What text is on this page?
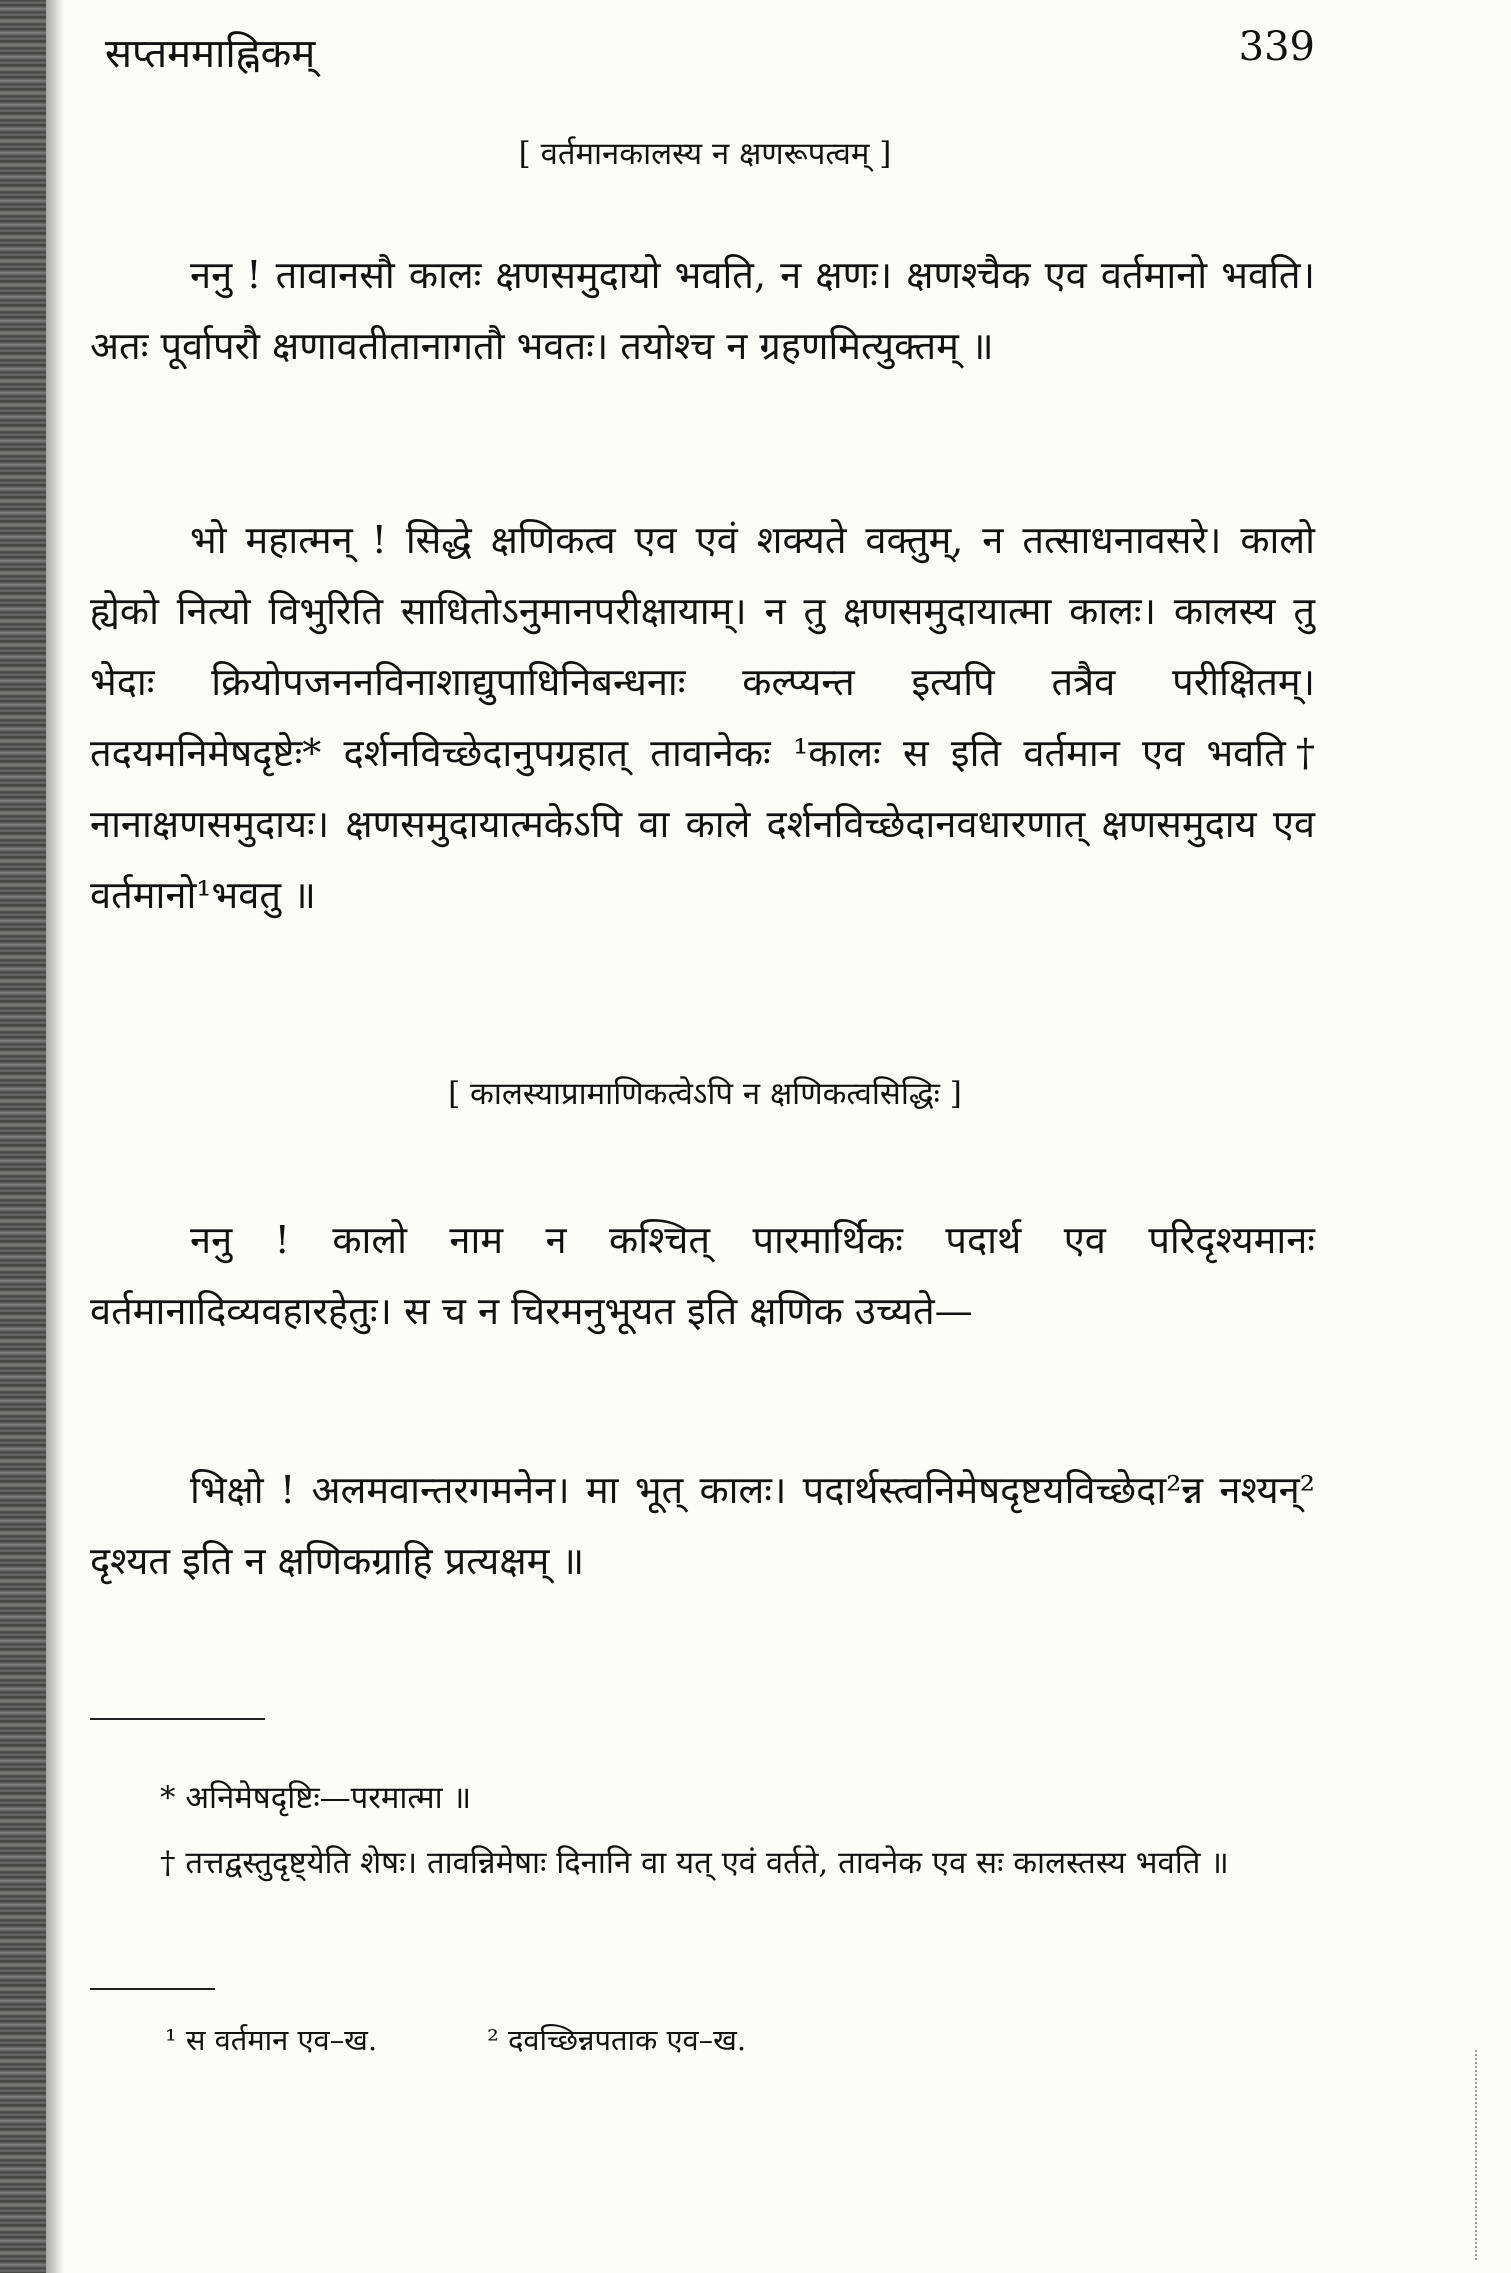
सप्तममाह्निकम्	339
[ वर्तमानकालस्य न क्षणरूपत्वम् ]

ननु ! तावानसौ कालः क्षणसमुदायो भवति, न क्षणः। क्षणश्चैक एव वर्तमानो भवति। अतः पूर्वापरौ क्षणावतीतानागतौ भवतः। तयोश्च न ग्रहणमित्युक्तम् ॥

भो महात्मन् ! सिद्धे क्षणिकत्व एव एवं शक्यते वक्तुम्, न तत्साधनावसरे। कालो ह्येको नित्यो विभुरिति साधितोऽनुमानपरीक्षायाम्। न तु क्षणसमुदायात्मा कालः। कालस्य तु भेदाः क्रियोपजननविनाशाद्युपाधिनिबन्धनाः कल्प्यन्त इत्यपि तत्रैव परीक्षितम्। तदयमनिमेषदृष्टेः* दर्शनविच्छेदानुपग्रहात् तावानेकः ¹कालः स इति वर्तमान एव भवति† नानाक्षणसमुदायः। क्षणसमुदायात्मकेऽपि वा काले दर्शनविच्छेदानवधारणात् क्षणसमुदाय एव वर्तमानो¹भवतु ॥

[ कालस्याप्रामाणिकत्वेऽपि न क्षणिकत्वसिद्धिः ]

ननु ! कालो नाम न कश्चित् पारमार्थिकः पदार्थ एव परिदृश्यमानः वर्तमानादिव्यवहारहेतुः। स च न चिरमनुभूयत इति क्षणिक उच्यते—

भिक्षो ! अलमवान्तरगमनेन। मा भूत् कालः। पदार्थस्त्वनिमेषदृष्टयविच्छेदा²न्न नश्यन्² दृश्यत इति न क्षणिकग्राहि प्रत्यक्षम् ॥

* अनिमेषदृष्टिः—परमात्मा ॥

† तत्तद्वस्तुदृष्ट्येति शेषः। तावन्निमेषाः दिनानि वा यत् एवं वर्तते, तावनेक एव सः कालस्तस्य भवति ॥

¹ स वर्तमान एव–ख.	² दवच्छिन्नपताक एव–ख.
